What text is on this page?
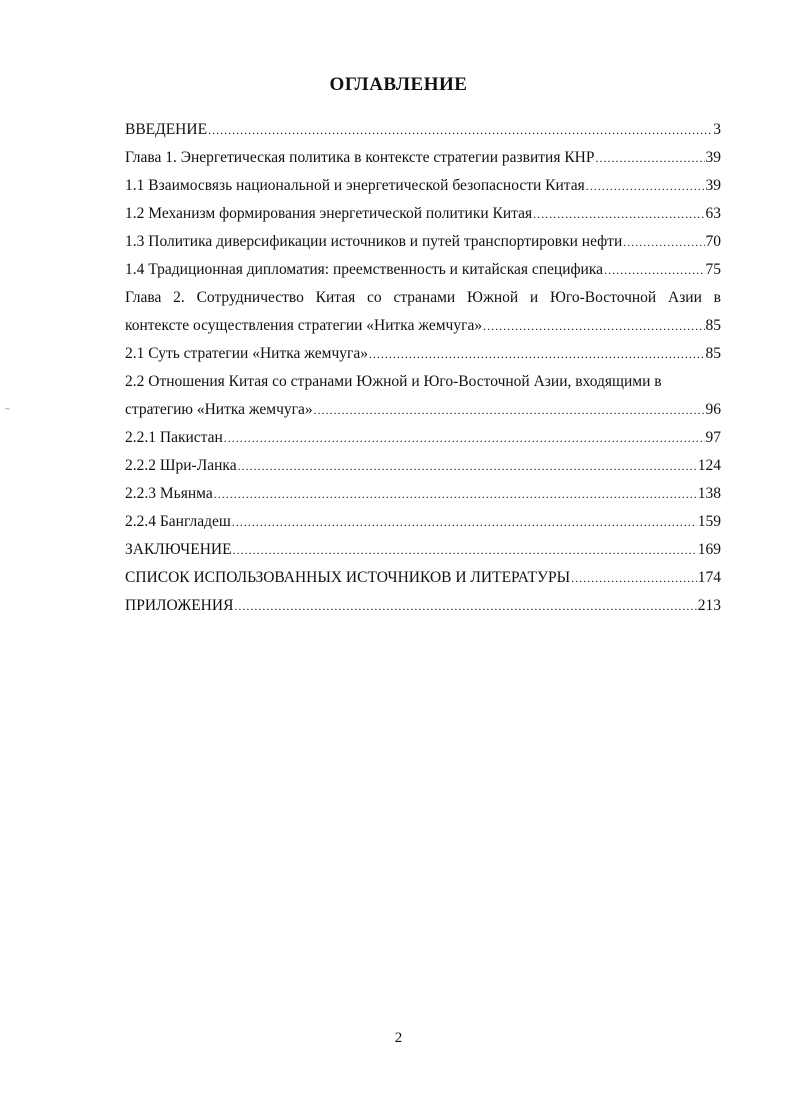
ОГЛАВЛЕНИЕ
ВВЕДЕНИЕ .....	3
Глава 1. Энергетическая политика в контексте стратегии развития КНР .....	39
1.1 Взаимосвязь национальной и энергетической безопасности Китая .....	39
1.2 Механизм формирования энергетической политики Китая .....	63
1.3 Политика диверсификации источников и путей транспортировки нефти .....	70
1.4 Традиционная дипломатия: преемственность и китайская специфика .....	75
Глава 2. Сотрудничество Китая со странами Южной и Юго-Восточной Азии в
контексте осуществления стратегии «Нитка жемчуга» .....	85
2.1 Суть стратегии «Нитка жемчуга» .....	85
2.2 Отношения Китая со странами Южной и Юго-Восточной Азии, входящими в
стратегию «Нитка жемчуга» .....	96
2.2.1 Пакистан .....	97
2.2.2 Шри-Ланка .....	124
2.2.3 Мьянма .....	138
2.2.4 Бангладеш .....	159
ЗАКЛЮЧЕНИЕ .....	169
СПИСОК ИСПОЛЬЗОВАННЫХ ИСТОЧНИКОВ И ЛИТЕРАТУРЫ .....	174
ПРИЛОЖЕНИЯ .....	213
~
2
